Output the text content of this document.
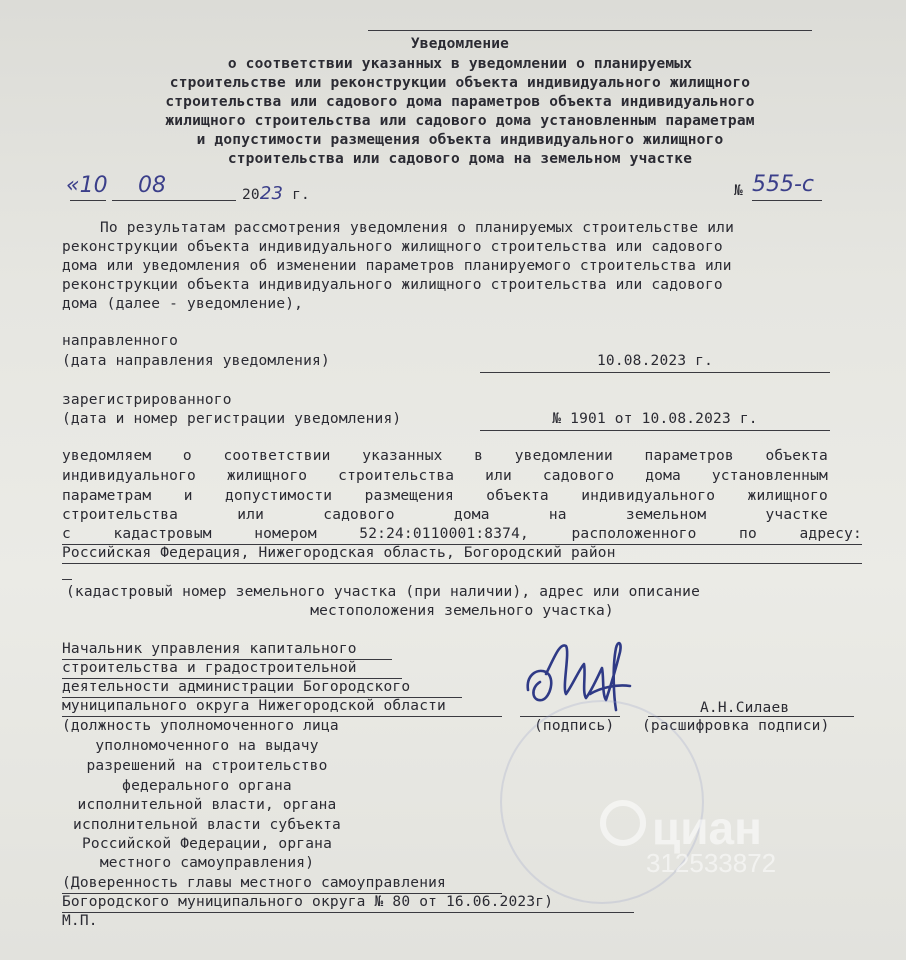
Уведомление
о соответствии указанных в уведомлении о планируемых
строительстве или реконструкции объекта индивидуального жилищного
строительства или садового дома параметров объекта индивидуального
жилищного строительства или садового дома установленным параметрам
и допустимости размещения объекта индивидуального жилищного
строительства или садового дома на земельном участке
«10 08	2023 г.	№ 555-с
По результатам рассмотрения уведомления о планируемых строительстве или
реконструкции объекта индивидуального жилищного строительства или садового
дома или уведомления об изменении параметров планируемого строительства или
реконструкции объекта индивидуального жилищного строительства или садового
дома (далее - уведомление),
направленного
(дата направления уведомления)	10.08.2023 г.
зарегистрированного
(дата и номер регистрации уведомления)	№ 1901 от 10.08.2023 г.
уведомляем о соответствии указанных в уведомлении параметров объекта
индивидуального жилищного строительства или садового дома установленным
параметрам и допустимости размещения объекта индивидуального жилищного
строительства	или	садового	дома	на	земельном	участке
с	кадастровым	номером	52:24:0110001:8374,	расположенного	по	адресу:
Российская Федерация, Нижегородская область, Богородский район
(кадастровый номер земельного участка (при наличии), адрес или описание
местоположения земельного участка)
Начальник управления капитального
строительства и градостроительной
деятельности администрации Богородского
муниципального округа Нижегородской области
(подпись)
А.Н.Силаев
(расшифровка подписи)
(должность уполномоченного лица
уполномоченного на выдачу
разрешений на строительство
федерального органа
исполнительной власти, органа
исполнительной власти субъекта
Российской Федерации, органа
местного самоуправления)
(Доверенность главы местного самоуправления
Богородского муниципального округа № 80 от 16.06.2023г)
М.П.
циан
312533872
